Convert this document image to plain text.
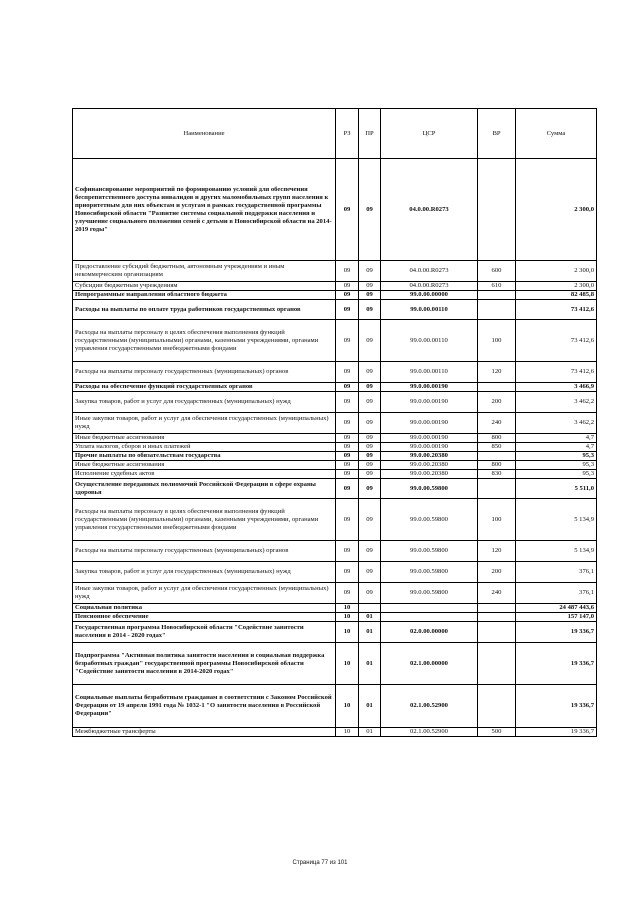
Наименование	РЗ	ПР	ЦСР	ВР	Сумма
Софинансирование мероприятий по формированию условий для обеспечения беспрепятственного доступа инвалидов и других маломобильных групп населения к приоритетным для них объектам и услугам в рамках государственной программы Новосибирской области "Развитие системы социальной поддержки населения и улучшение социального положения семей с детьми в Новосибирской области на 2014-2019 годы"	09	09	04.0.00.R0273		2 300,0
Предоставление субсидий бюджетным, автономным учреждениям и иным некоммерческим организациям	09	09	04.0.00.R0273	600	2 300,0
Субсидии бюджетным учреждениям	09	09	04.0.00.R0273	610	2 300,0
Непрограммные направления областного бюджета	09	09	99.0.00.00000		82 485,8
Расходы на выплаты по оплате труда работников государственных органов	09	09	99.0.00.00110		73 412,6
Расходы на выплаты персоналу в целях обеспечения выполнения функций государственными (муниципальными) органами, казенными учреждениями, органами управления государственными внебюджетными фондами	09	09	99.0.00.00110	100	73 412,6
Расходы на выплаты персоналу государственных (муниципальных) органов	09	09	99.0.00.00110	120	73 412,6
Расходы на обеспечение функций государственных органов	09	09	99.0.00.00190		3 466,9
Закупка товаров, работ и услуг для государственных (муниципальных) нужд	09	09	99.0.00.00190	200	3 462,2
Иные закупки товаров, работ и услуг для обеспечения государственных (муниципальных) нужд	09	09	99.0.00.00190	240	3 462,2
Иные бюджетные ассигнования	09	09	99.0.00.00190	800	4,7
Уплата налогов, сборов и иных платежей	09	09	99.0.00.00190	850	4,7
Прочие выплаты по обязательствам государства	09	09	99.0.00.20380		95,3
Иные бюджетные ассигнования	09	09	99.0.00.20380	800	95,3
Исполнение судебных актов	09	09	99.0.00.20380	830	95,3
Осуществление переданных полномочий Российской Федерации в сфере охраны здоровья	09	09	99.0.00.59800		5 511,0
Расходы на выплаты персоналу в целях обеспечения выполнения функций государственными (муниципальными) органами, казенными учреждениями, органами управления государственными внебюджетными фондами	09	09	99.0.00.59800	100	5 134,9
Расходы на выплаты персоналу государственных (муниципальных) органов	09	09	99.0.00.59800	120	5 134,9
Закупка товаров, работ и услуг для государственных (муниципальных) нужд	09	09	99.0.00.59800	200	376,1
Иные закупки товаров, работ и услуг для обеспечения государственных (муниципальных) нужд	09	09	99.0.00.59800	240	376,1
Социальная политика	10				24 487 443,6
Пенсионное обеспечение	10	01			157 147,0
Государственная программа Новосибирской области "Содействие занятости населения в 2014 - 2020 годах"	10	01	02.0.00.00000		19 336,7
Подпрограмма "Активная политика занятости населения и социальная поддержка безработных граждан" государственной программы Новосибирской области "Содействие занятости населения в 2014-2020 годах"	10	01	02.1.00.00000		19 336,7
Социальные выплаты безработным гражданам в соответствии с Законом Российской Федерации от 19 апреля 1991 года № 1032-1 "О занятости населения в Российской Федерации"	10	01	02.1.00.52900		19 336,7
Межбюджетные трансферты	10	01	02.1.00.52900	500	19 336,7
Страница 77 из 101
